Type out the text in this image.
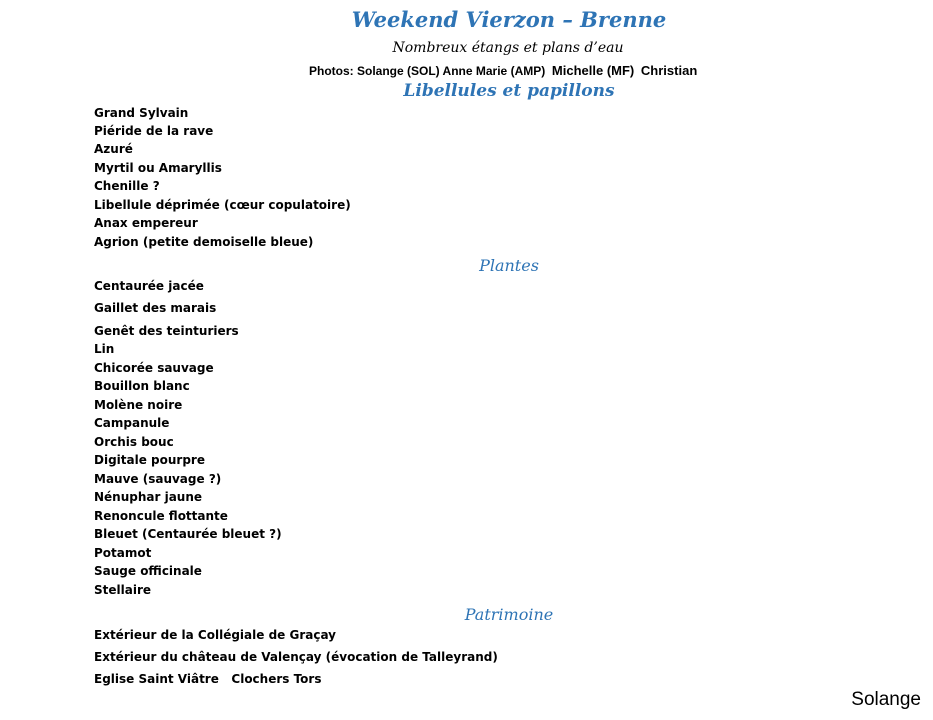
Weekend Vierzon – Brenne
Nombreux étangs et plans d’eau
Photos: Solange (SOL) Anne Marie (AMP) Michelle (MF) Christian
Libellules et papillons
Grand Sylvain
Piéride de la rave
Azuré
Myrtil ou Amaryllis
Chenille ?
Libellule déprimée (cœur copulatoire)
Anax empereur
Agrion (petite demoiselle bleue)
Plantes
Centaurée jacée
Gaillet des marais
Genêt des teinturiers
Lin
Chicorée sauvage
Bouillon blanc
Molène noire
Campanule
Orchis bouc
Digitale pourpre
Mauve (sauvage ?)
Nénuphar jaune
Renoncule flottante
Bleuet (Centaurée bleuet ?)
Potamot
Sauge officinale
Stellaire
Patrimoine
Extérieur de la Collégiale de Graçay
Extérieur du château de Valençay (évocation de Talleyrand)
Eglise Saint Viâtre   Clochers Tors
Solange
